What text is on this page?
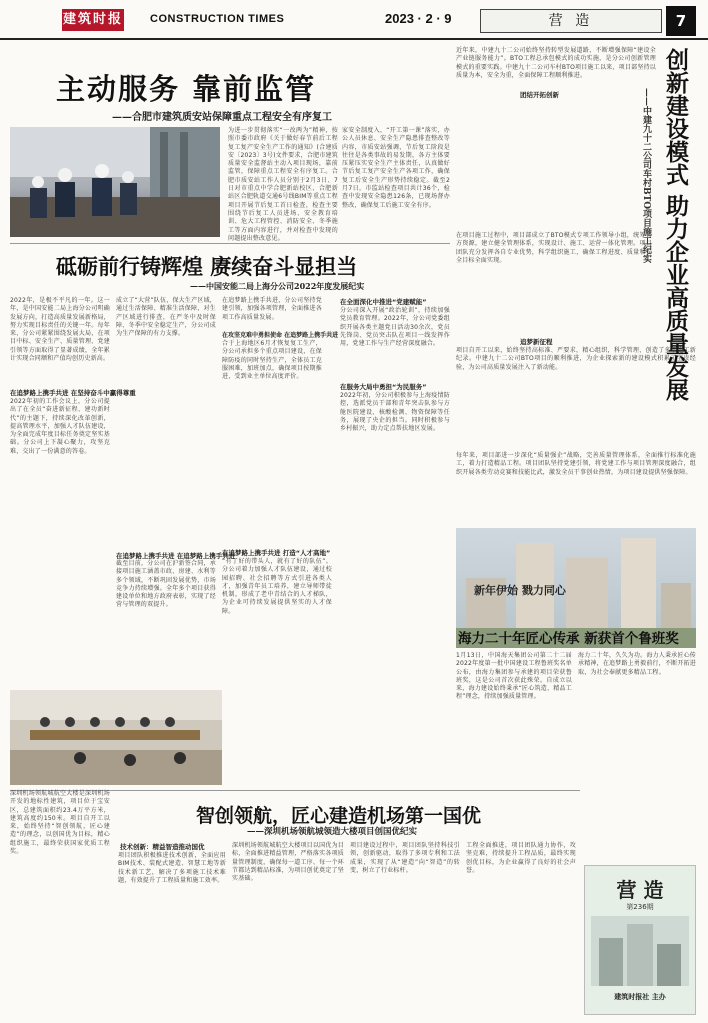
建筑时报 CONSTRUCTION TIMES	2023 · 2 · 9	营 造	7
主动服务 靠前监管
——合肥市建筑质安站保障重点工程安全有序复工
为进一步贯彻落实“一改两为”精神，按照市委市政府《关于做好春节前后工程复工复产安全生产工作的通知》(合建质安〔2023〕3号)文件要求，合肥市建筑质量安全监督站主动入项目现场，靠前监管，保障重点工程安全有序复工。合肥市质安站工作人员分别于2月3日、7日对市重点中学合肥新站校区、合肥新站区合肥轨道交通6号线BIM等重点工程项目开展节后复工首日检查，检查主要围绕节后复工人员进场、安全教育培训、危大工程管控、消防安全、冬季施工等方面内容进行，并对检查中发现的问题提出整改意见。
家安全制度入，“开工第一课”落实，办公人员休息、安全生产隐患排查整改等内容，市质安站强调，节后复工阶段是往往是各类事故的易发期，各方主体要压紧压实安全生产主体责任，认真做好节后复工复产安全生产各项工作，确保复工后安全生产形势持续稳定。截至2月7日，市监站检查项目共计36个，检查中发现安全隐患126条，已现场督办整改，确保复工后施工安全有序。
砥砺前行铸辉煌 赓续奋斗显担当
——中国安能二局上海分公司2022年度发展纪实
2022年，是极不平凡的一年。这一年，是中国安能二局上海分公司明确发展方向，打造高质量发展新格局，努力实现目标责任的关键一年。每年来，分公司紧紧围绕发展大局，在项目中标、安全生产、质量管理、党建引领等方面取得了显著成绩，全年累计实现合同额和产值均创历史新高。
在追梦路上携手共进 在坚持奋斗中赢得尊重
2022年初的工作会议上，分公司提出了在全员“奋进新征程、建功新时代”的主题下，持续深化改革创新，提高管理水平，加强人才队伍建设，为全面完成年度目标任务奠定坚实基础。分公司上下凝心聚力，攻坚克难，交出了一份满意的答卷。
成立了“大营”队伍，保大生产区域，通过生活保障、精准生活保障，对生产区域进行排查，在严冬中及时保障、冬季中安全稳定生产，分公司成为生产保障的有力支撑。
在追梦路上携手共进 在追梦路上携手共进
截至目前，分公司在沪新签合同，承接项目施工涵盖市政、房建、水利等多个领域，不断巩固发展优势，市场竞争力持续增强。全年多个项目获得建设单位和地方政府表彰，实现了经营与管理的双提升。
在追梦路上携手共进，分公司坚持党建引领，加强各项管理，全面推进各项工作高质量发展。
在攻坚克难中勇担使命 在追梦路上携手共进
合于上海地区6月才恢复复工生产，分公司承担多个重点项目建设，在保障防疫的同时坚持生产，全体员工克服困难，加班加点，确保项目按期推进，受到业主单位高度评价。
在全面深化中推进“党建赋能”
分公司深入开展“政治轮训”，持续加强党员教育管理。2022年，分公司党委组织开展各类主题党日活动30余次，党员先锋岗、党员突击队在项目一线发挥作用，党建工作与生产经营深度融合。
在服务大局中勇担“为民服务”
2022年初，分公司积极参与上海疫情防控，选派党员干部和青年突击队参与方舱医院建设、核酸检测、物资保障等任务，展现了央企的担当。同时积极参与乡村振兴，助力定点帮扶地区发展。
在追梦路上携手共进 打造“人才高地”
“有了好的带头人，就有了好的队伍”。分公司着力加强人才队伍建设，通过校园招聘、社会招聘等方式引进各类人才，加强青年员工培养，建立导师带徒机制，形成了老中青结合的人才梯队，为企业可持续发展提供坚实的人才保障。
近年来，中建九十二公司始终坚持转型发展道路，不断增强保障“建设全产业链服务能力”。BTO工程总承包模式的成功实施，是分公司创新管理模式的重要实践。中建九十二公司车村BTO项目施工以来，项目部坚持以质量为本，安全为重，全面保障工程顺利推进。	创新建设模式 助力企业高质量发展
——中建九十二公司车村BTO项目施工纪实
团结开拓创新
在项目施工过程中，项目部成立了BTO模式专项工作领导小组，统筹各方资源，建立健全管理体系，实现设计、施工、运营一体化管理。项目团队充分发挥各自专业优势，科学组织施工，确保工程进度、质量和安全目标全面实现。
追梦新征程
项目自开工以来，始终坚持高标准、严要求，精心组织，科学管理，创造了多项施工新纪录。中建九十二公司BTO项目的顺利推进，为企业探索新的建设模式积累了宝贵经验，为公司高质量发展注入了新动能。
每年来，项目部进一步深化“质量强企”战略，完善质量管理体系，全面推行标准化施工，着力打造精品工程。项目团队坚持党建引领，将党建工作与项目管理深度融合，组织开展各类劳动竞赛和技能比武，激发全员干事创业热情，为项目建设提供坚强保障。
新年伊始 戮力同心
海力二十年匠心传承 新获首个鲁班奖
1月13日，中国海天集团公司第二十二届2022年度第一批中国建设工程鲁班奖名单公布，由海力集团参与承建的项目荣获鲁班奖，这是公司首次获此殊荣。自成立以来，海力建设始终秉承“匠心筑造、精品工程”理念，持续加强质量管理。
海力二十年，久久为功。海力人秉承匠心传承精神，在追梦路上勇毅前行，不断开拓进取，为社会奉献更多精品工程。
智创领航，匠心建造机场第一国优
——深圳机场领航城领造大楼项目创国优纪实
深圳机场领航城航空大楼是深圳机场开发的地标性建筑，项目位于宝安区，总建筑面积约23.4万平方米，建筑高度约150米。项目自开工以来，始终坚持“智创领航，匠心建造”的理念，以创国优为目标，精心组织施工，最终荣获国家优质工程奖。
技术创新：精益智造推动国优
项目团队积极推进技术创新，全面应用BIM技术、装配式建造、智慧工地等新技术新工艺，解决了多项施工技术难题，有效提升了工程质量和施工效率。
深圳机场领航城航空大楼项目以国优为目标，全面推进精益管理，严格落实各项质量管理制度，确保每一道工序、每一个环节都达到精品标准，为项目创优奠定了坚实基础。
项目建设过程中，项目团队坚持科技引领，创新驱动，取得了多项专利和工法成果，实现了从“建造”向“智造”的转变，树立了行业标杆。
工程全面推进，项目团队通力协作，攻坚克难，持续提升工程品质，最终实现创优目标，为企业赢得了良好的社会声誉。
营 造
第236期
建筑时报社 主办
